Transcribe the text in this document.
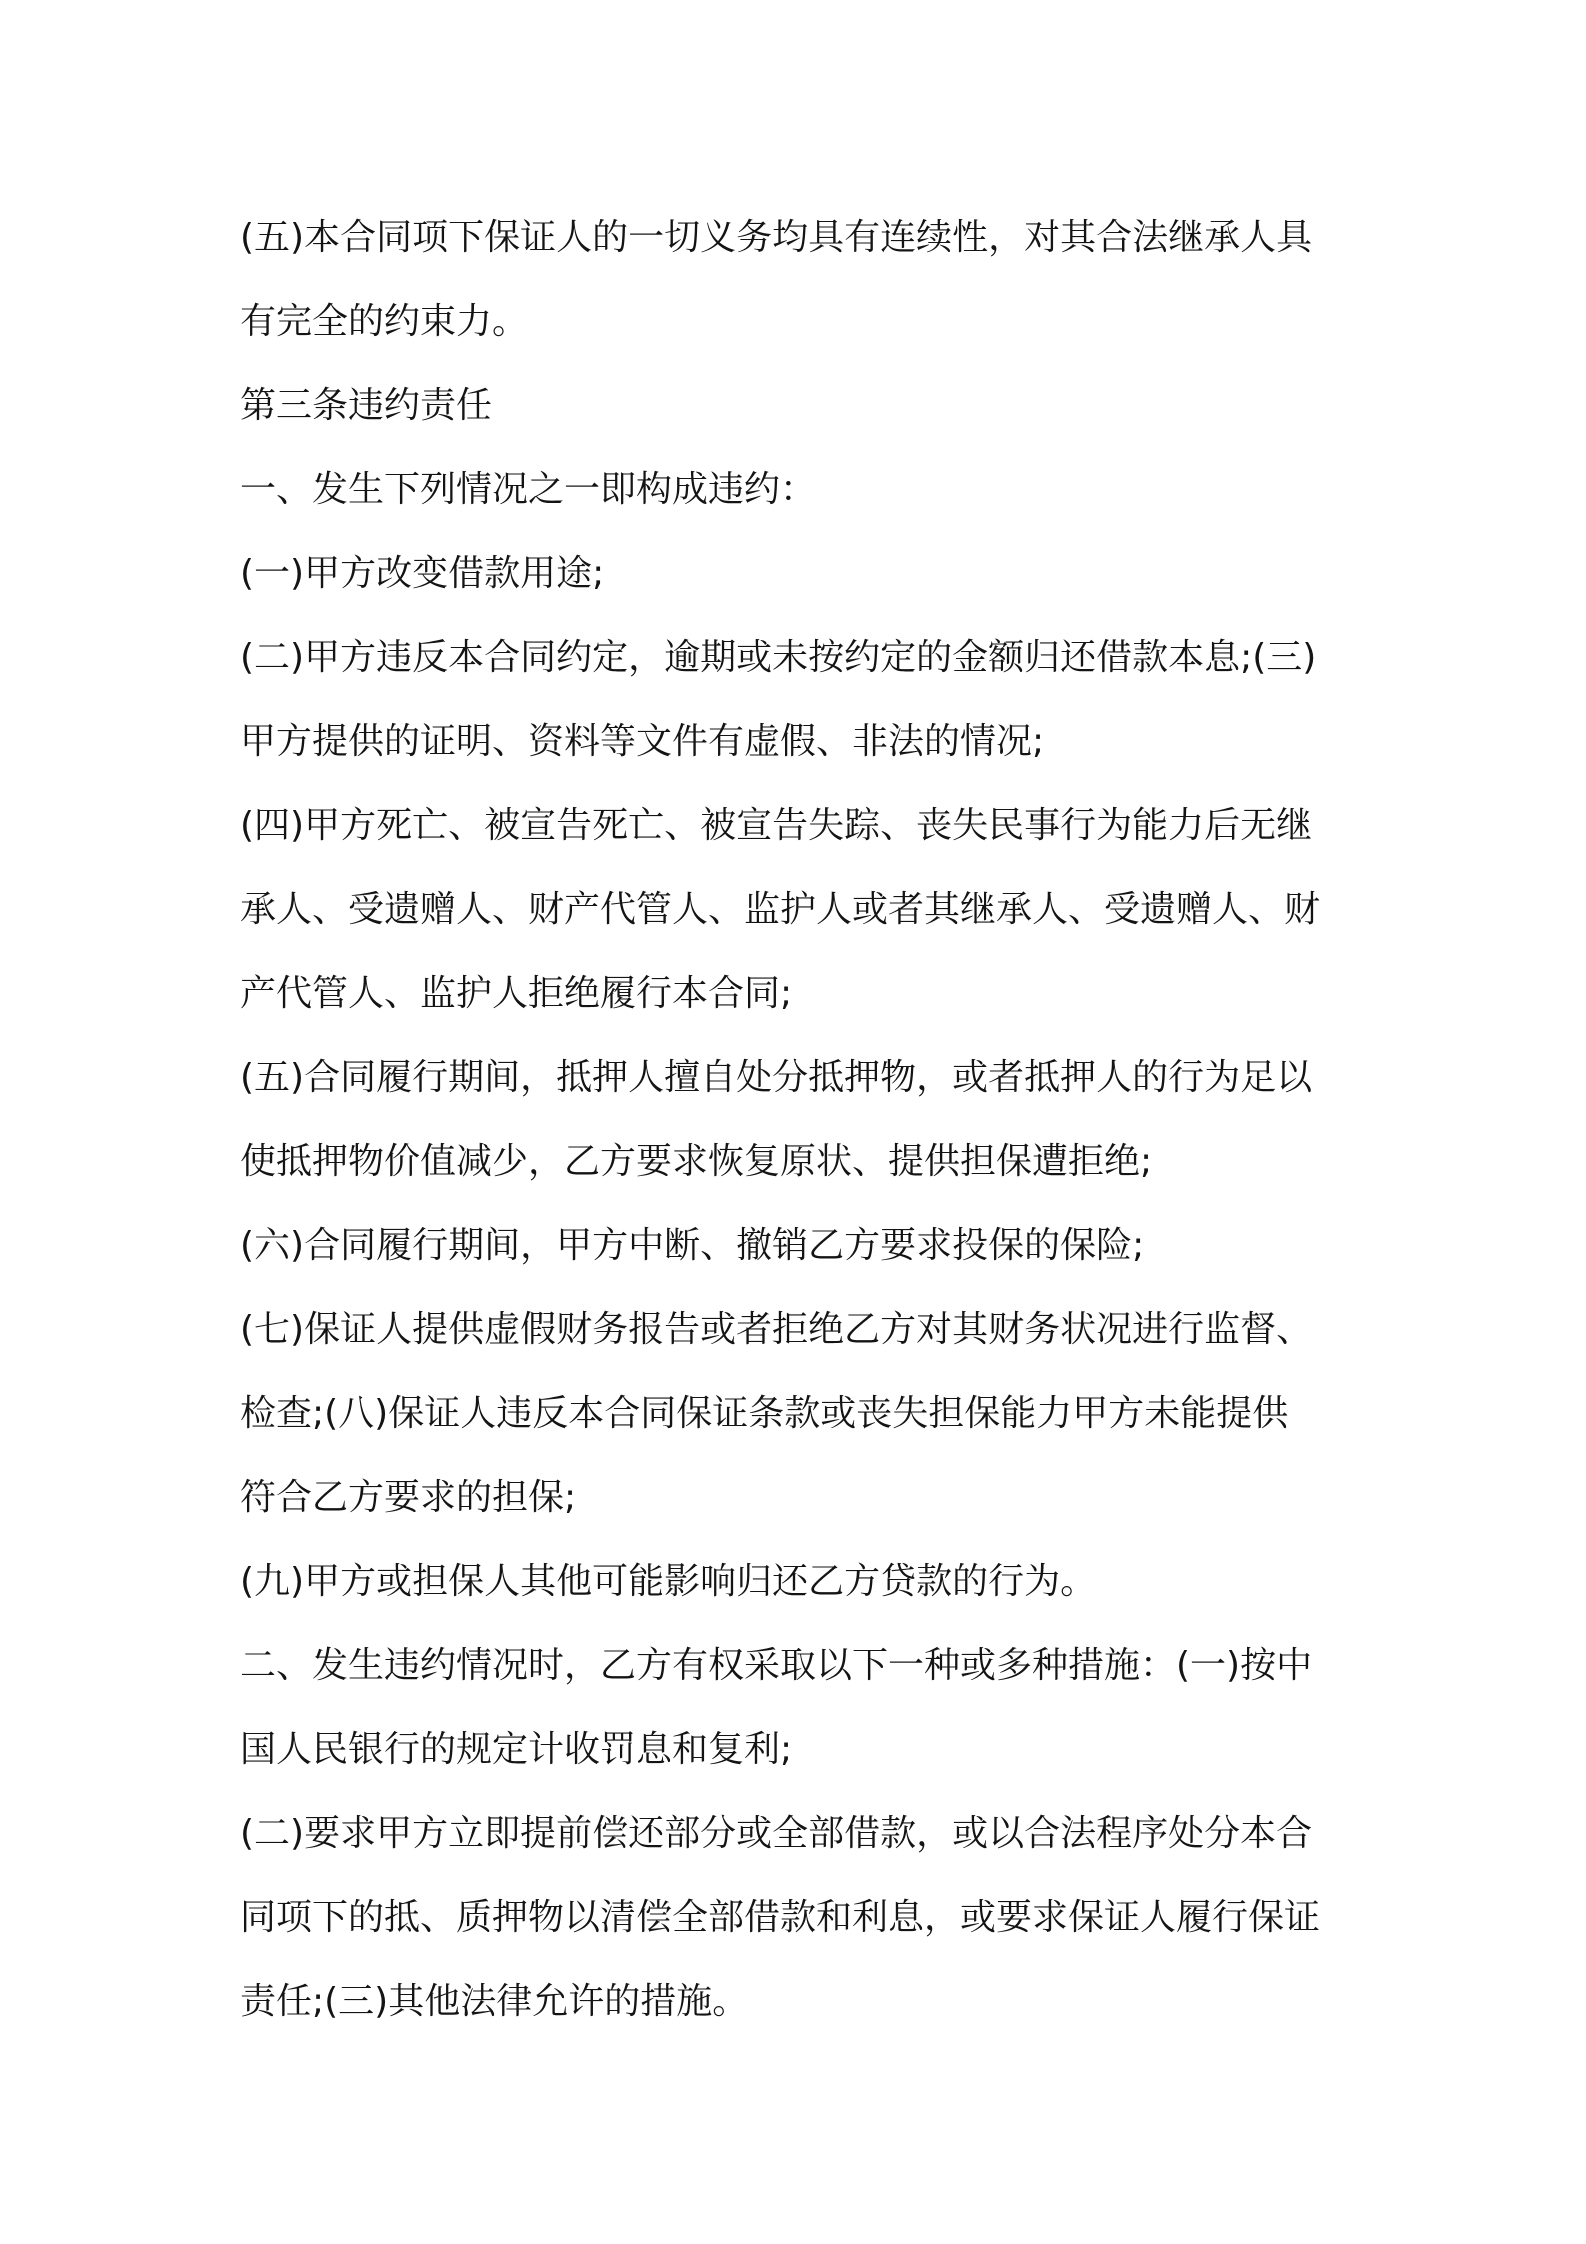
(五)本合同项下保证人的一切义务均具有连续性，对其合法继承人具

有完全的约束力。

第三条违约责任

一、发生下列情况之一即构成违约：

(一)甲方改变借款用途;

(二)甲方违反本合同约定，逾期或未按约定的金额归还借款本息;(三)

甲方提供的证明、资料等文件有虚假、非法的情况;

(四)甲方死亡、被宣告死亡、被宣告失踪、丧失民事行为能力后无继

承人、受遗赠人、财产代管人、监护人或者其继承人、受遗赠人、财

产代管人、监护人拒绝履行本合同;

(五)合同履行期间，抵押人擅自处分抵押物，或者抵押人的行为足以

使抵押物价值减少，乙方要求恢复原状、提供担保遭拒绝;

(六)合同履行期间，甲方中断、撤销乙方要求投保的保险;

(七)保证人提供虚假财务报告或者拒绝乙方对其财务状况进行监督、

检查;(八)保证人违反本合同保证条款或丧失担保能力甲方未能提供

符合乙方要求的担保;

(九)甲方或担保人其他可能影响归还乙方贷款的行为。

二、发生违约情况时，乙方有权采取以下一种或多种措施：(一)按中

国人民银行的规定计收罚息和复利;

(二)要求甲方立即提前偿还部分或全部借款，或以合法程序处分本合

同项下的抵、质押物以清偿全部借款和利息，或要求保证人履行保证

责任;(三)其他法律允许的措施。
